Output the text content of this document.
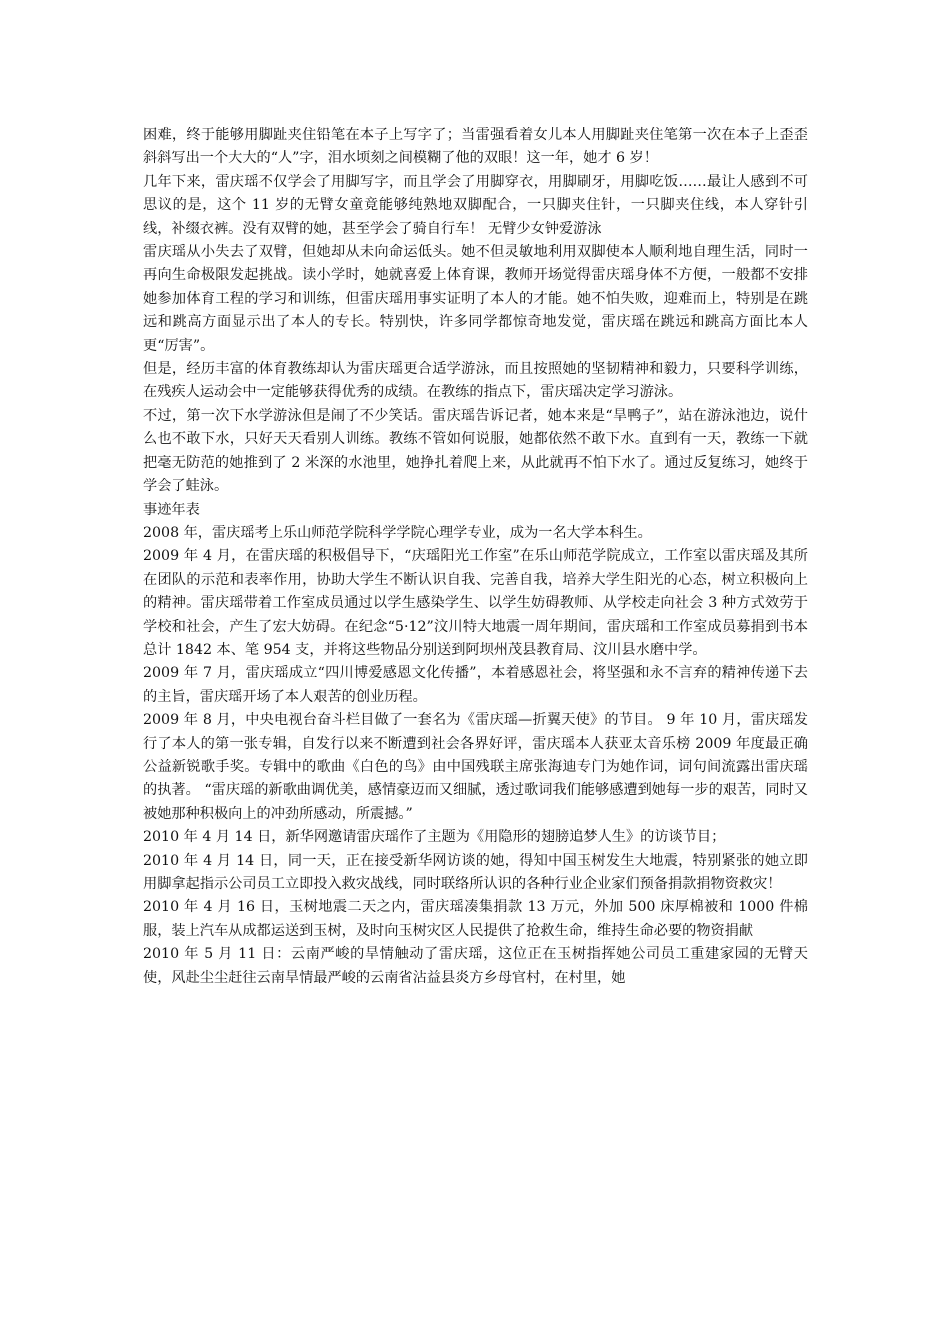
困难，终于能够用脚趾夹住铅笔在本子上写字了；当雷强看着女儿本人用脚趾夹住笔第一次在本子上歪歪斜斜写出一个大大的“人”字，泪水顷刻之间模糊了他的双眼！这一年，她才 6 岁！

几年下来，雷庆瑶不仅学会了用脚写字，而且学会了用脚穿衣，用脚刷牙，用脚吃饭……最让人感到不可思议的是，这个 11 岁的无臂女童竟能够纯熟地双脚配合，一只脚夹住针，一只脚夹住线，本人穿针引线，补缀衣裤。没有双臂的她，甚至学会了骑自行车！ 无臂少女钟爱游泳

雷庆瑶从小失去了双臂，但她却从未向命运低头。她不但灵敏地利用双脚使本人顺利地自理生活，同时一再向生命极限发起挑战。读小学时，她就喜爱上体育课，教师开场觉得雷庆瑶身体不方便，一般都不安排她参加体育工程的学习和训练，但雷庆瑶用事实证明了本人的才能。她不怕失败，迎难而上，特别是在跳远和跳高方面显示出了本人的专长。特别快，许多同学都惊奇地发觉，雷庆瑶在跳远和跳高方面比本人更“厉害”。

但是，经历丰富的体育教练却认为雷庆瑶更合适学游泳，而且按照她的坚韧精神和毅力，只要科学训练，在残疾人运动会中一定能够获得优秀的成绩。在教练的指点下，雷庆瑶决定学习游泳。

不过，第一次下水学游泳但是闹了不少笑话。雷庆瑶告诉记者，她本来是“旱鸭子”，站在游泳池边，说什么也不敢下水，只好天天看别人训练。教练不管如何说服，她都依然不敢下水。直到有一天，教练一下就把毫无防范的她推到了 2 米深的水池里，她挣扎着爬上来，从此就再不怕下水了。通过反复练习，她终于学会了蛙泳。

事迹年表

2008 年，雷庆瑶考上乐山师范学院科学学院心理学专业，成为一名大学本科生。

2009 年 4 月，在雷庆瑶的积极倡导下，“庆瑶阳光工作室”在乐山师范学院成立，工作室以雷庆瑶及其所在团队的示范和表率作用，协助大学生不断认识自我、完善自我，培养大学生阳光的心态，树立积极向上的精神。雷庆瑶带着工作室成员通过以学生感染学生、以学生妨碍教师、从学校走向社会 3 种方式效劳于学校和社会，产生了宏大妨碍。在纪念“5·12”汶川特大地震一周年期间，雷庆瑶和工作室成员募捐到书本总计 1842 本、笔 954 支，并将这些物品分别送到阿坝州茂县教育局、汶川县水磨中学。

2009 年 7 月，雷庆瑶成立“四川博爱感恩文化传播”，本着感恩社会，将坚强和永不言弃的精神传递下去的主旨，雷庆瑶开场了本人艰苦的创业历程。

2009 年 8 月，中央电视台奋斗栏目做了一套名为《雷庆瑶—折翼天使》的节目。 9 年 10 月，雷庆瑶发行了本人的第一张专辑，自发行以来不断遭到社会各界好评，雷庆瑶本人获亚太音乐榜 2009 年度最正确公益新锐歌手奖。专辑中的歌曲《白色的鸟》由中国残联主席张海迪专门为她作词，词句间流露出雷庆瑶的执著。 “雷庆瑶的新歌曲调优美，感情豪迈而又细腻，透过歌词我们能够感遭到她每一步的艰苦，同时又被她那种积极向上的冲劲所感动，所震撼。”

2010 年 4 月 14 日，新华网邀请雷庆瑶作了主题为《用隐形的翅膀追梦人生》的访谈节目；

2010 年 4 月 14 日，同一天，正在接受新华网访谈的她，得知中国玉树发生大地震，特别紧张的她立即用脚拿起指示公司员工立即投入救灾战线，同时联络所认识的各种行业企业家们预备捐款捐物资救灾！

2010 年 4 月 16 日，玉树地震二天之内，雷庆瑶凑集捐款 13 万元，外加 500 床厚棉被和 1000 件棉服，装上汽车从成都运送到玉树，及时向玉树灾区人民提供了抢救生命，维持生命必要的物资捐献

2010 年 5 月 11 日：云南严峻的旱情触动了雷庆瑶，这位正在玉树指挥她公司员工重建家园的无臂天使，风赴尘尘赶往云南旱情最严峻的云南省沾益县炎方乡母官村，在村里，她
